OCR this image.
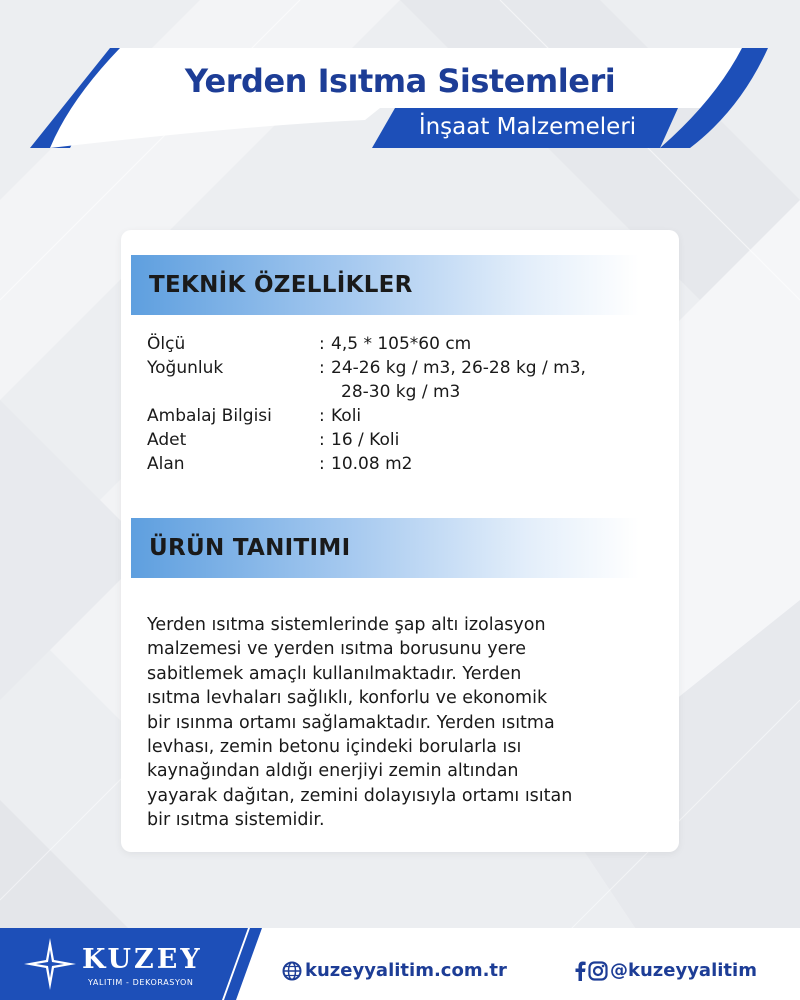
Yerden Isıtma Sistemleri
İnşaat Malzemeleri
TEKNİK ÖZELLİKLER
Ölçü	: 4,5 * 105*60 cm
Yoğunluk	: 24-26 kg / m3, 26-28 kg / m3,
28-30 kg / m3
Ambalaj Bilgisi	: Koli
Adet	: 16 / Koli
Alan	: 10.08 m2
ÜRÜN TANITIMI
Yerden ısıtma sistemlerinde şap altı izolasyon
malzemesi ve yerden ısıtma borusunu yere
sabitlemek amaçlı kullanılmaktadır. Yerden
ısıtma levhaları sağlıklı, konforlu ve ekonomik
bir ısınma ortamı sağlamaktadır. Yerden ısıtma
levhası, zemin betonu içindeki borularla ısı
kaynağından aldığı enerjiyi zemin altından
yayarak dağıtan, zemini dolayısıyla ortamı ısıtan
bir ısıtma sistemidir.
KUZEY
YALITIM - DEKORASYON
kuzeyyalitim.com.tr	@kuzeyyalitim
